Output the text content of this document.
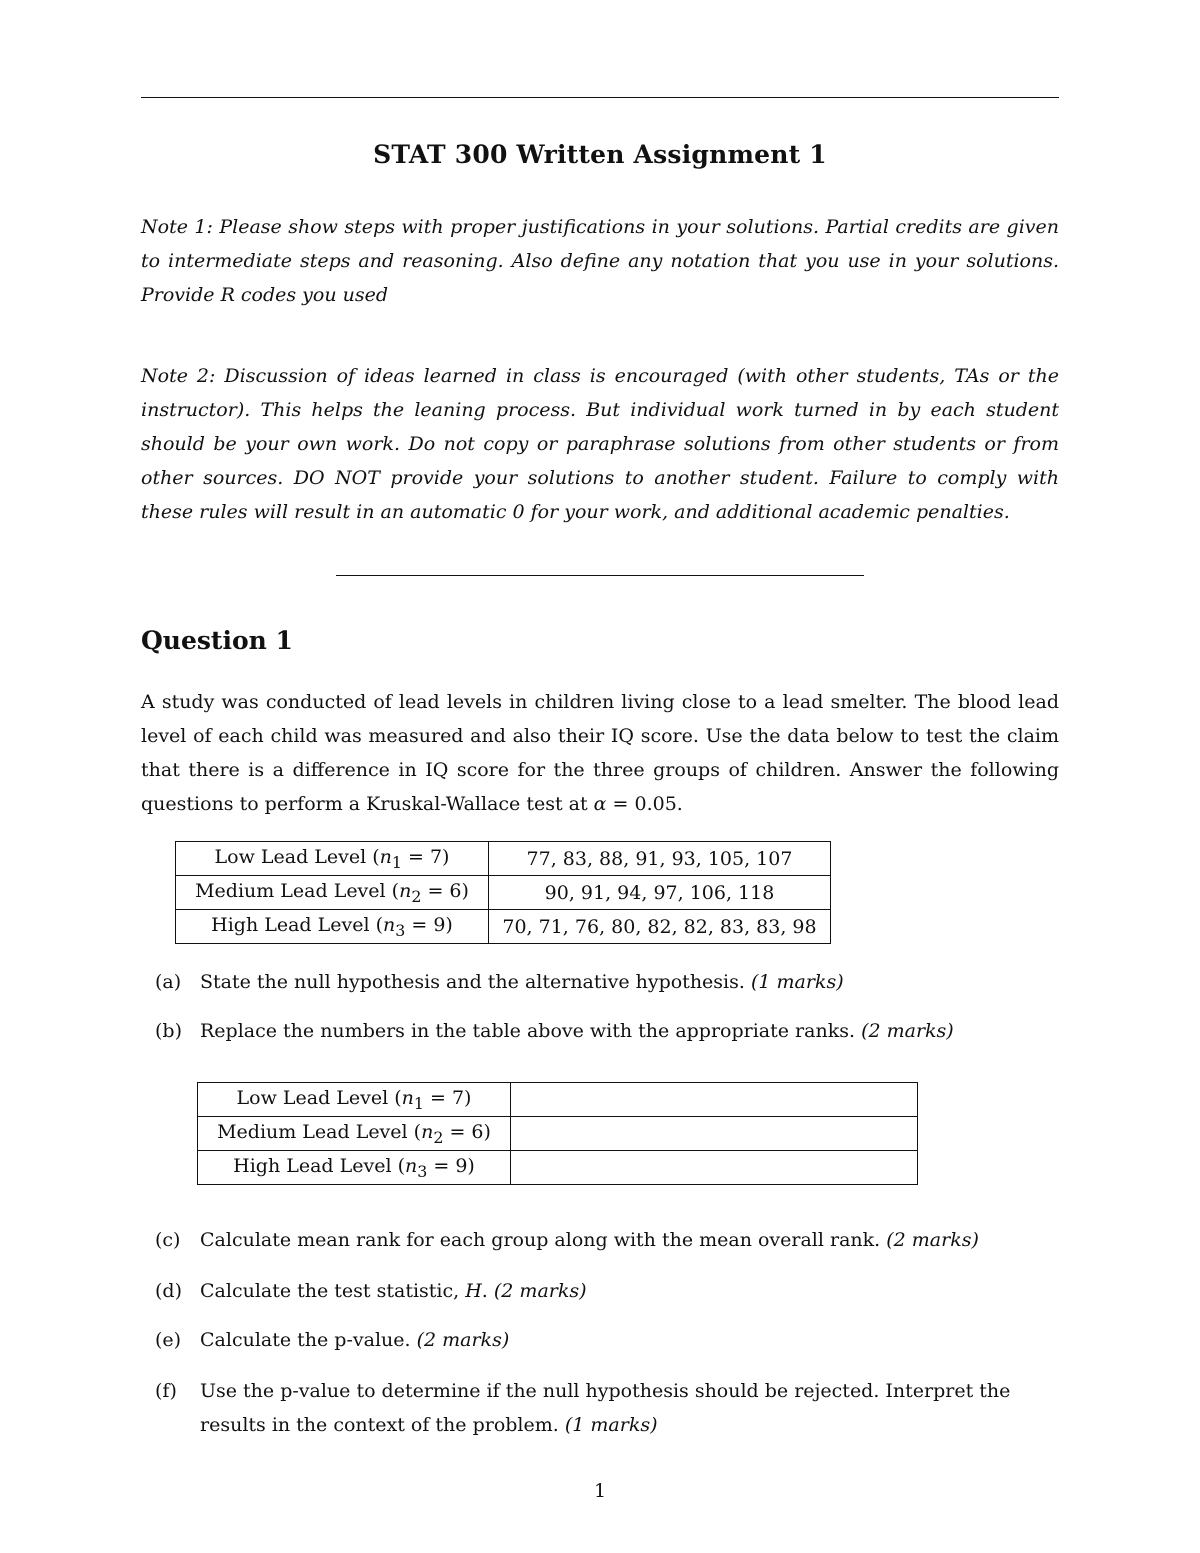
STAT 300 Written Assignment 1
Note 1: Please show steps with proper justifications in your solutions. Partial credits are given to intermediate steps and reasoning. Also define any notation that you use in your solutions. Provide R codes you used
Note 2: Discussion of ideas learned in class is encouraged (with other students, TAs or the instructor). This helps the leaning process. But individual work turned in by each student should be your own work. Do not copy or paraphrase solutions from other students or from other sources. DO NOT provide your solutions to another student. Failure to comply with these rules will result in an automatic 0 for your work, and additional academic penalties.
Question 1
A study was conducted of lead levels in children living close to a lead smelter. The blood lead level of each child was measured and also their IQ score. Use the data below to test the claim that there is a difference in IQ score for the three groups of children. Answer the following questions to perform a Kruskal-Wallace test at α = 0.05.
Low Lead Level $(n_1 = 7)$	77, 83, 88, 91, 93, 105, 107
Medium Lead Level $(n_2 = 6)$	90, 91, 94, 97, 106, 118
High Lead Level $(n_3 = 9)$	70, 71, 76, 80, 82, 82, 83, 83, 98
(a) State the null hypothesis and the alternative hypothesis. (1 marks)
(b) Replace the numbers in the table above with the appropriate ranks. (2 marks)
Low Lead Level $(n_1 = 7)$	
Medium Lead Level $(n_2 = 6)$	
High Lead Level $(n_3 = 9)$	
(c)	Calculate mean rank for each group along with the mean overall rank. (2 marks)
(d) Calculate the test statistic, H. (2 marks)
(e) Calculate the p-value. (2 marks)
(f)	Use the p-value to determine if the null hypothesis should be rejected. Interpret the results in the context of the problem. (1 marks)
1
